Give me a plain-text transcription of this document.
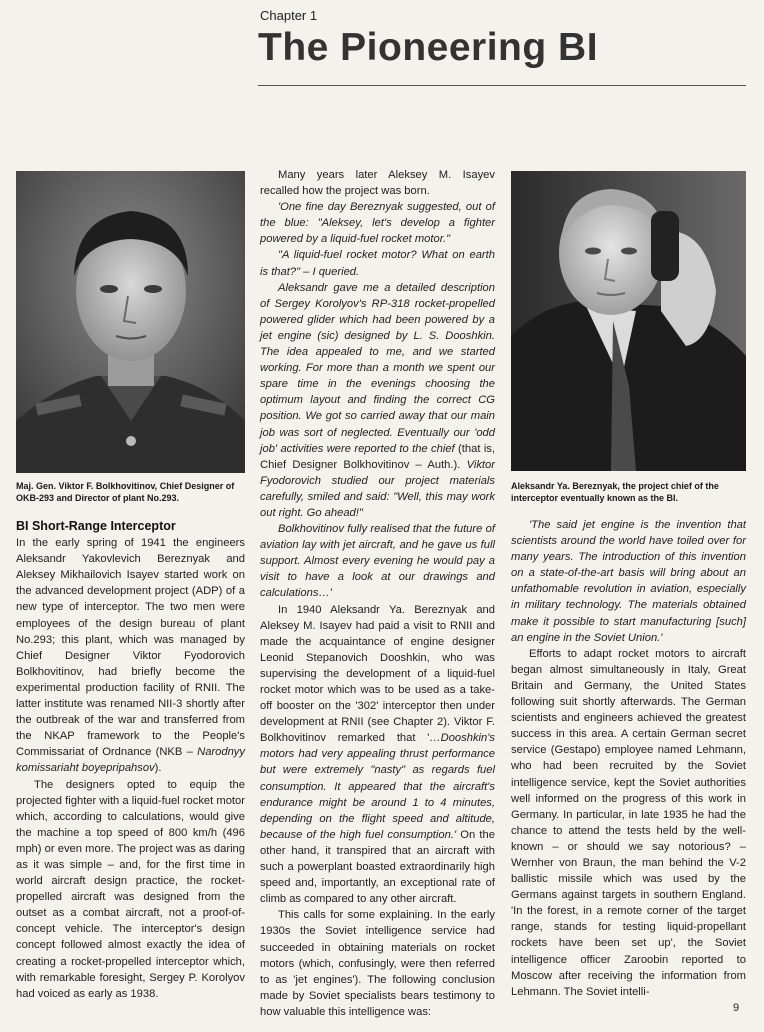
Chapter 1
The Pioneering BI
Maj. Gen. Viktor F. Bolkhovitinov, Chief Designer of OKB-293 and Director of plant No.293.
Aleksandr Ya. Bereznyak, the project chief of the interceptor eventually known as the BI.
BI Short-Range Interceptor

In the early spring of 1941 the engineers Aleksandr Yakovlevich Bereznyak and Aleksey Mikhailovich Isayev started work on the advanced development project (ADP) of a new type of interceptor. The two men were employees of the design bureau of plant No.293; this plant, which was managed by Chief Designer Viktor Fyodorovich Bolkhovitinov, had briefly become the experimental production facility of RNII. The latter institute was renamed NII-3 shortly after the outbreak of the war and transferred from the NKAP framework to the People's Commissariat of Ordnance (NKB – Narodnyy komissariaht boyepripahsov).

The designers opted to equip the projected fighter with a liquid-fuel rocket motor which, according to calculations, would give the machine a top speed of 800 km/h (496 mph) or even more. The project was as daring as it was simple – and, for the first time in world aircraft design practice, the rocket-propelled aircraft was designed from the outset as a combat aircraft, not a proof-of-concept vehicle. The interceptor's design concept followed almost exactly the idea of creating a rocket-propelled interceptor which, with remarkable foresight, Sergey P. Korolyov had voiced as early as 1938.

Many years later Aleksey M. Isayev recalled how the project was born.

'One fine day Bereznyak suggested, out of the blue: "Alekseу, let's develop a fighter powered by a liquid-fuel rocket motor."

"A liquid-fuel rocket motor? What on earth is that?" – I queried.

Aleksandr gave me a detailed description of Sergey Korolyov's RP-318 rocket-propelled powered glider which had been powered by a jet engine (sic) designed by L. S. Dooshkin. The idea appealed to me, and we started working. For more than a month we spent our spare time in the evenings choosing the optimum layout and finding the correct CG position. We got so carried away that our main job was sort of neglected. Eventually our 'odd job' activities were reported to the chief (that is, Chief Designer Bolkhovitinov – Auth.). Viktor Fyodorovich studied our project materials carefully, smiled and said: "Well, this may work out right. Go ahead!"

Bolkhovitinov fully realised that the future of aviation lay with jet aircraft, and he gave us full support. Almost every evening he would pay a visit to have a look at our drawings and calculations…'

In 1940 Aleksandr Ya. Bereznyak and Aleksey M. Isayev had paid a visit to RNII and made the acquaintance of engine designer Leonid Stepanovich Dooshkin, who was supervising the development of a liquid-fuel rocket motor which was to be used as a take-off booster on the '302' interceptor then under development at RNII (see Chapter 2). Viktor F. Bolkhovitinov remarked that '…Dooshkin's motors had very appealing thrust performance but were extremely "nasty" as regards fuel consumption. It appeared that the aircraft's endurance might be around 1 to 4 minutes, depending on the flight speed and altitude, because of the high fuel consumption.' On the other hand, it transpired that an aircraft with such a powerplant boasted extraordinarily high speed and, importantly, an exceptional rate of climb as compared to any other aircraft.

This calls for some explaining. In the early 1930s the Soviet intelligence service had succeeded in obtaining materials on rocket motors (which, confusingly, were then referred to as 'jet engines'). The following conclusion made by Soviet specialists bears testimony to how valuable this intelligence was:

'The said jet engine is the invention that scientists around the world have toiled over for many years. The introduction of this invention on a state-of-the-art basis will bring about an unfathomable revolution in aviation, especially in military technology. The materials obtained make it possible to start manufacturing [such] an engine in the Soviet Union.'

Efforts to adapt rocket motors to aircraft began almost simultaneously in Italy, Great Britain and Germany, the United States following suit shortly afterwards. The German scientists and engineers achieved the greatest success in this area. A certain German secret service (Gestapo) employee named Lehmann, who had been recruited by the Soviet intelligence service, kept the Soviet authorities well informed on the progress of this work in Germany. In particular, in late 1935 he had the chance to attend the tests held by the well-known – or should we say notorious? – Wernher von Braun, the man behind the V-2 ballistic missile which was used by the Germans against targets in southern England. 'In the forest, in a remote corner of the target range, stands for testing liquid-propellant rockets have been set up', the Soviet intelligence officer Zaroobin reported to Moscow after receiving the information from Lehmann. The Soviet intelli-

9
